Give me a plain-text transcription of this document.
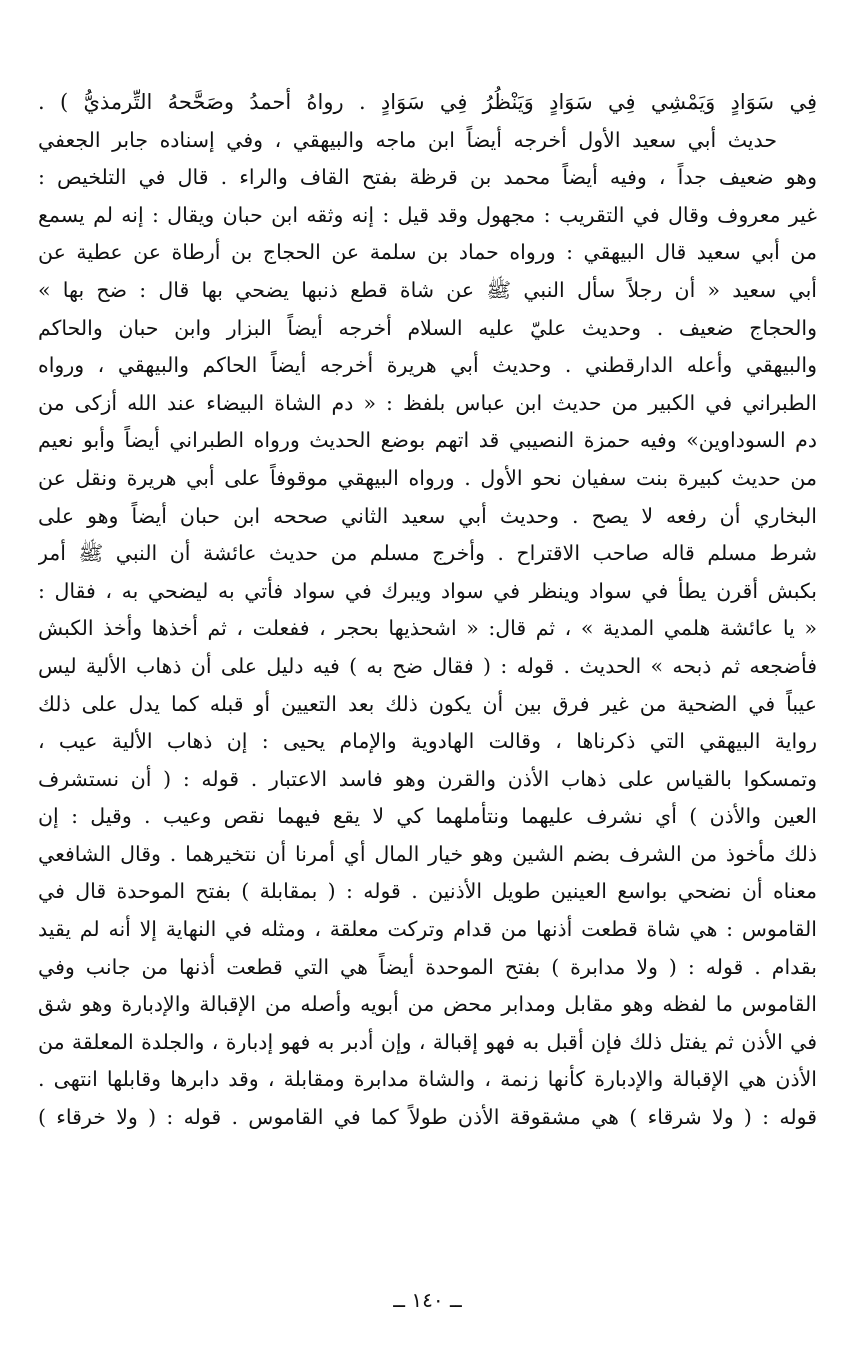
فِي سَوَادٍ وَيَمْشِي فِي سَوَادٍ وَيَنْظُرُ فِي سَوَادٍ . رواهُ أحمدُ وصَحَّحهُ التِّرمذيُّ ) .
حديث أبي سعيد الأول أخرجه أيضاً ابن ماجه والبيهقي ، وفي إسناده جابر الجعفي
وهو ضعيف جداً ، وفيه أيضاً محمد بن قرظة بفتح القاف والراء . قال في التلخيص :
غير معروف وقال في التقريب : مجهول وقد قيل : إنه وثقه ابن حبان ويقال : إنه لم يسمع
من أبي سعيد قال البيهقي : ورواه حماد بن سلمة عن الحجاج بن أرطاة عن عطية عن
أبي سعيد « أن رجلاً سأل النبي ﷺ عن شاة قطع ذنبها يضحي بها قال : ضح بها »
والحجاج ضعيف . وحديث عليّ عليه السلام أخرجه أيضاً البزار وابن حبان والحاكم
والبيهقي وأعله الدارقطني . وحديث أبي هريرة أخرجه أيضاً الحاكم والبيهقي ، ورواه
الطبراني في الكبير من حديث ابن عباس بلفظ : « دم الشاة البيضاء عند الله أزكى من
دم السوداوين» وفيه حمزة النصيبي قد اتهم بوضع الحديث ورواه الطبراني أيضاً وأبو نعيم
من حديث كبيرة بنت سفيان نحو الأول . ورواه البيهقي موقوفاً على أبي هريرة ونقل عن
البخاري أن رفعه لا يصح . وحديث أبي سعيد الثاني صححه ابن حبان أيضاً وهو على
شرط مسلم قاله صاحب الاقتراح . وأخرج مسلم من حديث عائشة أن النبي ﷺ أمر
بكبش أقرن يطأ في سواد وينظر في سواد ويبرك في سواد فأتي به ليضحي به ، فقال :
« يا عائشة هلمي المدية » ، ثم قال: « اشحذيها بحجر ، ففعلت ، ثم أخذها وأخذ الكبش
فأضجعه ثم ذبحه » الحديث . قوله : ( فقال ضح به ) فيه دليل على أن ذهاب الألية ليس
عيباً في الضحية من غير فرق بين أن يكون ذلك بعد التعيين أو قبله كما يدل على ذلك
رواية البيهقي التي ذكرناها ، وقالت الهادوية والإمام يحيى : إن ذهاب الألية عيب ،
وتمسكوا بالقياس على ذهاب الأذن والقرن وهو فاسد الاعتبار . قوله : ( أن نستشرف
العين والأذن ) أي نشرف عليهما ونتأملهما كي لا يقع فيهما نقص وعيب . وقيل : إن
ذلك مأخوذ من الشرف بضم الشين وهو خيار المال أي أمرنا أن نتخيرهما . وقال الشافعي
معناه أن نضحي بواسع العينين طويل الأذنين . قوله : ( بمقابلة ) بفتح الموحدة قال في
القاموس : هي شاة قطعت أذنها من قدام وتركت معلقة ، ومثله في النهاية إلا أنه لم يقيد
بقدام . قوله : ( ولا مدابرة ) بفتح الموحدة أيضاً هي التي قطعت أذنها من جانب وفي
القاموس ما لفظه وهو مقابل ومدابر محض من أبويه وأصله من الإقبالة والإدبارة وهو شق
في الأذن ثم يفتل ذلك فإن أقبل به فهو إقبالة ، وإن أدبر به فهو إدبارة ، والجلدة المعلقة من
الأذن هي الإقبالة والإدبارة كأنها زنمة ، والشاة مدابرة ومقابلة ، وقد دابرها وقابلها انتهى .
قوله : ( ولا شرقاء ) هي مشقوقة الأذن طولاً كما في القاموس . قوله : ( ولا خرقاء )
ــ ١٤٠ ــ
